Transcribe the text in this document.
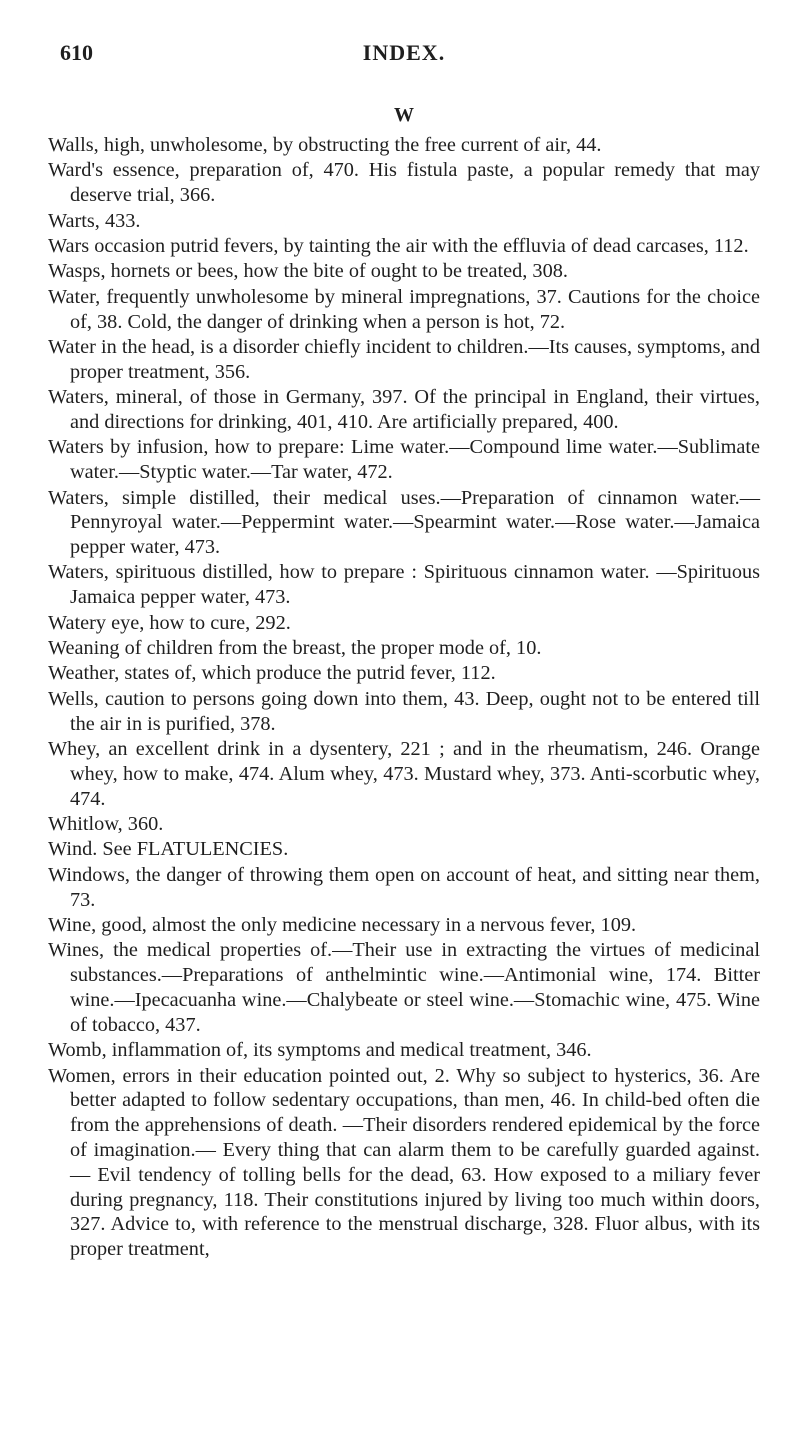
610	INDEX.
W
Walls, high, unwholesome, by obstructing the free current of air, 44.
Ward's essence, preparation of, 470. His fistula paste, a popular remedy that may deserve trial, 366.
Warts, 433.
Wars occasion putrid fevers, by tainting the air with the effluvia of dead carcases, 112.
Wasps, hornets or bees, how the bite of ought to be treated, 308.
Water, frequently unwholesome by mineral impregnations, 37. Cautions for the choice of, 38. Cold, the danger of drinking when a person is hot, 72.
Water in the head, is a disorder chiefly incident to children.—Its causes, symptoms, and proper treatment, 356.
Waters, mineral, of those in Germany, 397. Of the principal in England, their virtues, and directions for drinking, 401, 410. Are artificially prepared, 400.
Waters by infusion, how to prepare: Lime water.—Compound lime water.—Sublimate water.—Styptic water.—Tar water, 472.
Waters, simple distilled, their medical uses.—Preparation of cinnamon water.—Pennyroyal water.—Peppermint water.—Spearmint water.—Rose water.—Jamaica pepper water, 473.
Waters, spirituous distilled, how to prepare : Spirituous cinnamon water. —Spirituous Jamaica pepper water, 473.
Watery eye, how to cure, 292.
Weaning of children from the breast, the proper mode of, 10.
Weather, states of, which produce the putrid fever, 112.
Wells, caution to persons going down into them, 43. Deep, ought not to be entered till the air in is purified, 378.
Whey, an excellent drink in a dysentery, 221 ; and in the rheumatism, 246. Orange whey, how to make, 474. Alum whey, 473. Mustard whey, 373. Anti-scorbutic whey, 474.
Whitlow, 360.
Wind. See FLATULENCIES.
Windows, the danger of throwing them open on account of heat, and sitting near them, 73.
Wine, good, almost the only medicine necessary in a nervous fever, 109.
Wines, the medical properties of.—Their use in extracting the virtues of medicinal substances.—Preparations of anthelmintic wine.—Antimonial wine, 174. Bitter wine.—Ipecacuanha wine.—Chalybeate or steel wine.—Stomachic wine, 475. Wine of tobacco, 437.
Womb, inflammation of, its symptoms and medical treatment, 346.
Women, errors in their education pointed out, 2. Why so subject to hysterics, 36. Are better adapted to follow sedentary occupations, than men, 46. In child-bed often die from the apprehensions of death. —Their disorders rendered epidemical by the force of imagination.— Every thing that can alarm them to be carefully guarded against.— Evil tendency of tolling bells for the dead, 63. How exposed to a miliary fever during pregnancy, 118. Their constitutions injured by living too much within doors, 327. Advice to, with reference to the menstrual discharge, 328. Fluor albus, with its proper treatment,
